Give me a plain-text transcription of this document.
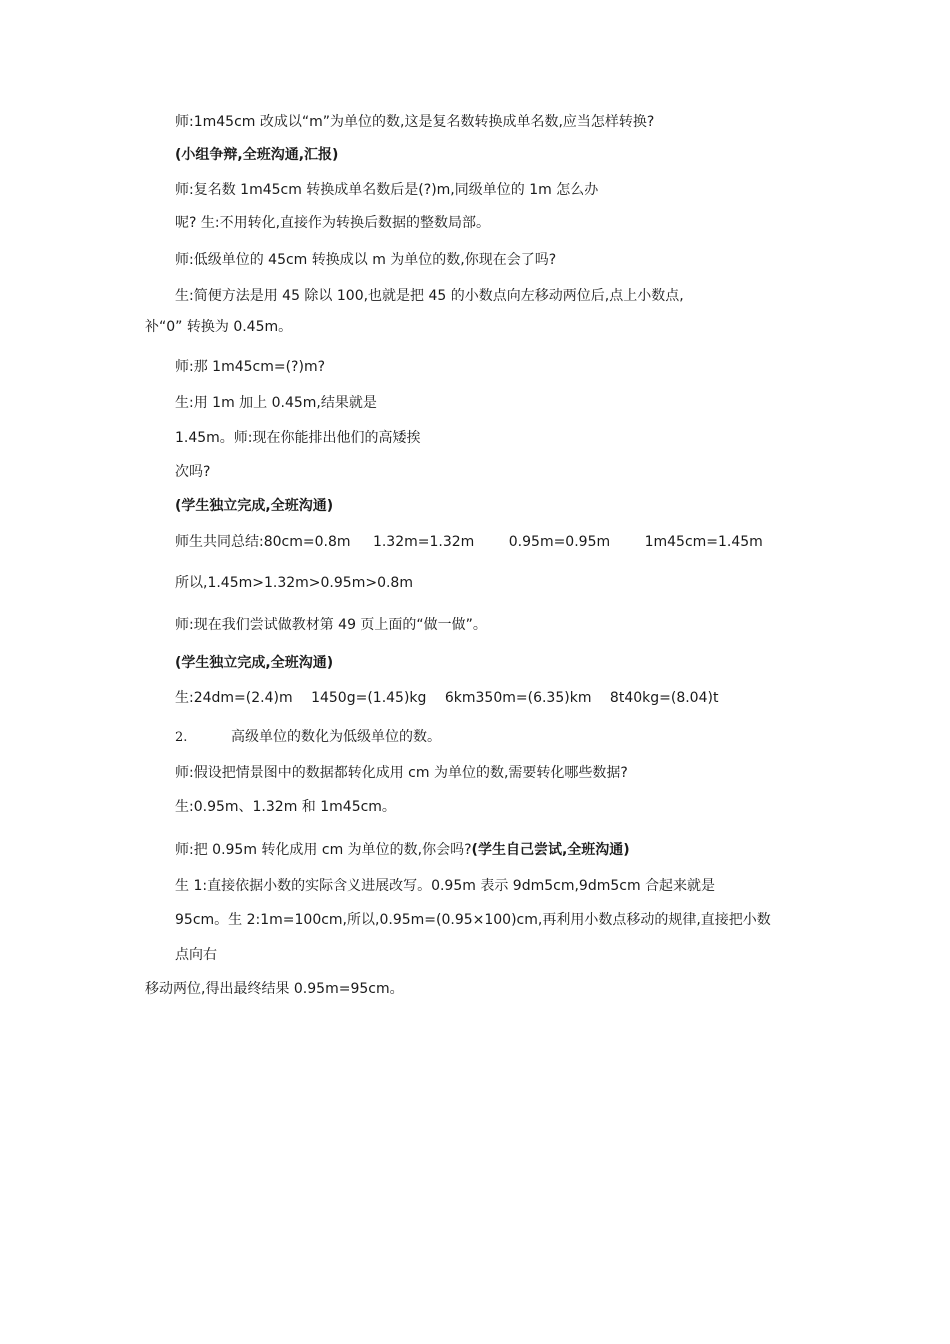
师:1m45cm 改成以“m”为单位的数,这是复名数转换成单名数,应当怎样转换?
(小组争辩,全班沟通,汇报)
师:复名数 1m45cm 转换成单名数后是(?)m,同级单位的 1m 怎么办
呢? 生:不用转化,直接作为转换后数据的整数局部。
师:低级单位的 45cm 转换成以 m 为单位的数,你现在会了吗?
生:简便方法是用 45 除以 100,也就是把 45 的小数点向左移动两位后,点上小数点,
补“0” 转换为 0.45m。
师:那 1m45cm=(?)m?
生:用 1m 加上 0.45m,结果就是
1.45m。师:现在你能排出他们的高矮挨
次吗?
(学生独立完成,全班沟通)
师生共同总结:80cm=0.8m 1.32m=1.32m 0.95m=0.95m 1m45cm=1.45m
所以,1.45m>1.32m>0.95m>0.8m
师:现在我们尝试做教材第 49 页上面的“做一做”。
(学生独立完成,全班沟通)
生:24dm=(2.4)m 1450g=(1.45)kg 6km350m=(6.35)km 8t40kg=(8.04)t
2.	高级单位的数化为低级单位的数。
师:假设把情景图中的数据都转化成用 cm 为单位的数,需要转化哪些数据?
生:0.95m、1.32m 和 1m45cm。
师:把 0.95m 转化成用 cm 为单位的数,你会吗?(学生自己尝试,全班沟通)
生 1:直接依据小数的实际含义进展改写。0.95m 表示 9dm5cm,9dm5cm 合起来就是
95cm。生 2:1m=100cm,所以,0.95m=(0.95×100)cm,再利用小数点移动的规律,直接把小数
点向右
移动两位,得出最终结果 0.95m=95cm。
